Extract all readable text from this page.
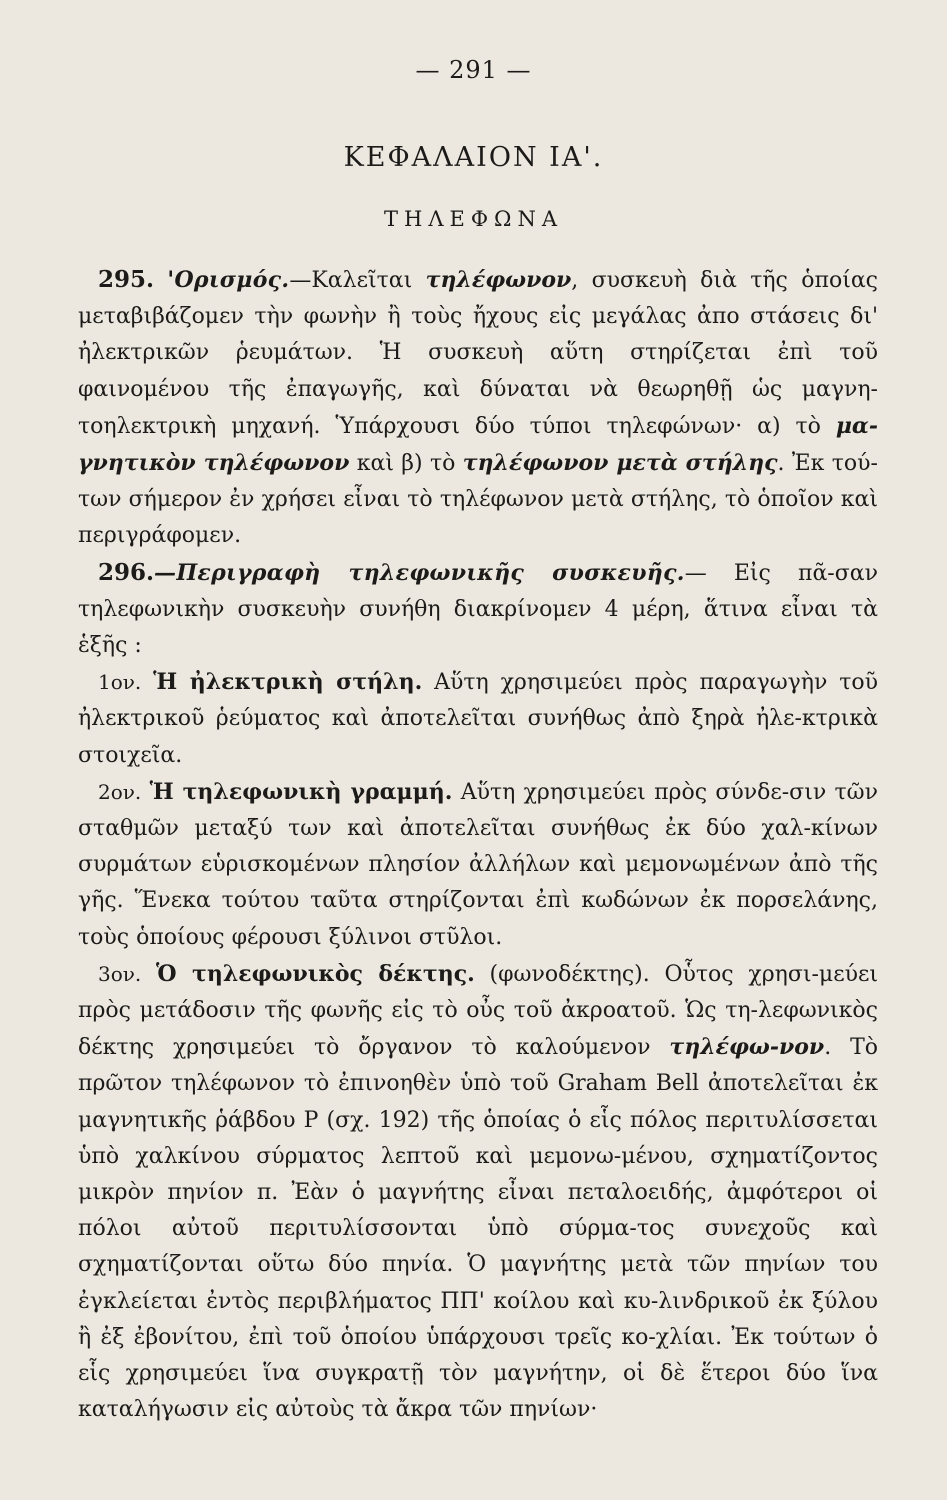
— 291 —
ΚΕΦΑΛΑΙΟΝ ΙΑ'.
ΤΗΛΕΦΩΝΑ

295. 'Ορισμός.—Καλεῖται τηλέφωνον, συσκευὴ διὰ τῆς ὁποίας μεταβιβάζομεν τὴν φωνὴν ἢ τοὺς ἤχους εἰς μεγάλας ἀπο στάσεις δι' ἠλεκτρικῶν ῥευμάτων. Ἡ συσκευὴ αὕτη στηρίζεται ἐπὶ τοῦ φαινομένου τῆς ἐπαγωγῆς, καὶ δύναται νὰ θεωρηθῇ ὡς μαγνη-τοηλεκτρικὴ μηχανή. Ὑπάρχουσι δύο τύποι τηλεφώνων· α) τὸ μα-γνητικὸν τηλέφωνον καὶ β) τὸ τηλέφωνον μετὰ στήλης. Ἐκ τού-των σήμερον ἐν χρήσει εἶναι τὸ τηλέφωνον μετὰ στήλης, τὸ ὁποῖον καὶ περιγράφομεν.

296.—Περιγραφὴ τηλεφωνικῆς συσκευῆς.— Εἰς πᾶ-σαν τηλεφωνικὴν συσκευὴν συνήθη διακρίνομεν 4 μέρη, ἅτινα εἶναι τὰ ἑξῆς :

1ον. Ἡ ἠλεκτρικὴ στήλη. Αὕτη χρησιμεύει πρὸς παραγωγὴν τοῦ ἠλεκτρικοῦ ῥεύματος καὶ ἀποτελεῖται συνήθως ἀπὸ ξηρὰ ἠλε-κτρικὰ στοιχεῖα.

2ον. Ἡ τηλεφωνικὴ γραμμή. Αὕτη χρησιμεύει πρὸς σύνδε-σιν τῶν σταθμῶν μεταξύ των καὶ ἀποτελεῖται συνήθως ἐκ δύο χαλ-κίνων συρμάτων εὑρισκομένων πλησίον ἀλλήλων καὶ μεμονωμένων ἀπὸ τῆς γῆς. Ἕνεκα τούτου ταῦτα στηρίζονται ἐπὶ κωδώνων ἐκ πορσελάνης, τοὺς ὁποίους φέρουσι ξύλινοι στῦλοι.

3ον. Ὁ τηλεφωνικὸς δέκτης. (φωνοδέκτης). Οὗτος χρησι-μεύει πρὸς μετάδοσιν τῆς φωνῆς εἰς τὸ οὖς τοῦ ἀκροατοῦ. Ὡς τη-λεφωνικὸς δέκτης χρησιμεύει τὸ ὄργανον τὸ καλούμενον τηλέφω-νον. Τὸ πρῶτον τηλέφωνον τὸ ἐπινοηθὲν ὑπὸ τοῦ Graham Bell ἀποτελεῖται ἐκ μαγνητικῆς ῥάβδου Ρ (σχ. 192) τῆς ὁποίας ὁ εἷς πόλος περιτυλίσσεται ὑπὸ χαλκίνου σύρματος λεπτοῦ καὶ μεμονω-μένου, σχηματίζοντος μικρὸν πηνίον π. Ἐὰν ὁ μαγνήτης εἶναι πεταλοειδής, ἀμφότεροι οἱ πόλοι αὐτοῦ περιτυλίσσονται ὑπὸ σύρμα-τος συνεχοῦς καὶ σχηματίζονται οὕτω δύο πηνία. Ὁ μαγνήτης μετὰ τῶν πηνίων του ἐγκλείεται ἐντὸς περιβλήματος ΠΠ' κοίλου καὶ κυ-λινδρικοῦ ἐκ ξύλου ἢ ἐξ ἐβονίτου, ἐπὶ τοῦ ὁποίου ὑπάρχουσι τρεῖς κο-χλίαι. Ἐκ τούτων ὁ εἷς χρησιμεύει ἵνα συγκρατῇ τὸν μαγνήτην, οἱ δὲ ἕτεροι δύο ἵνα καταλήγωσιν εἰς αὐτοὺς τὰ ἄκρα τῶν πηνίων·
